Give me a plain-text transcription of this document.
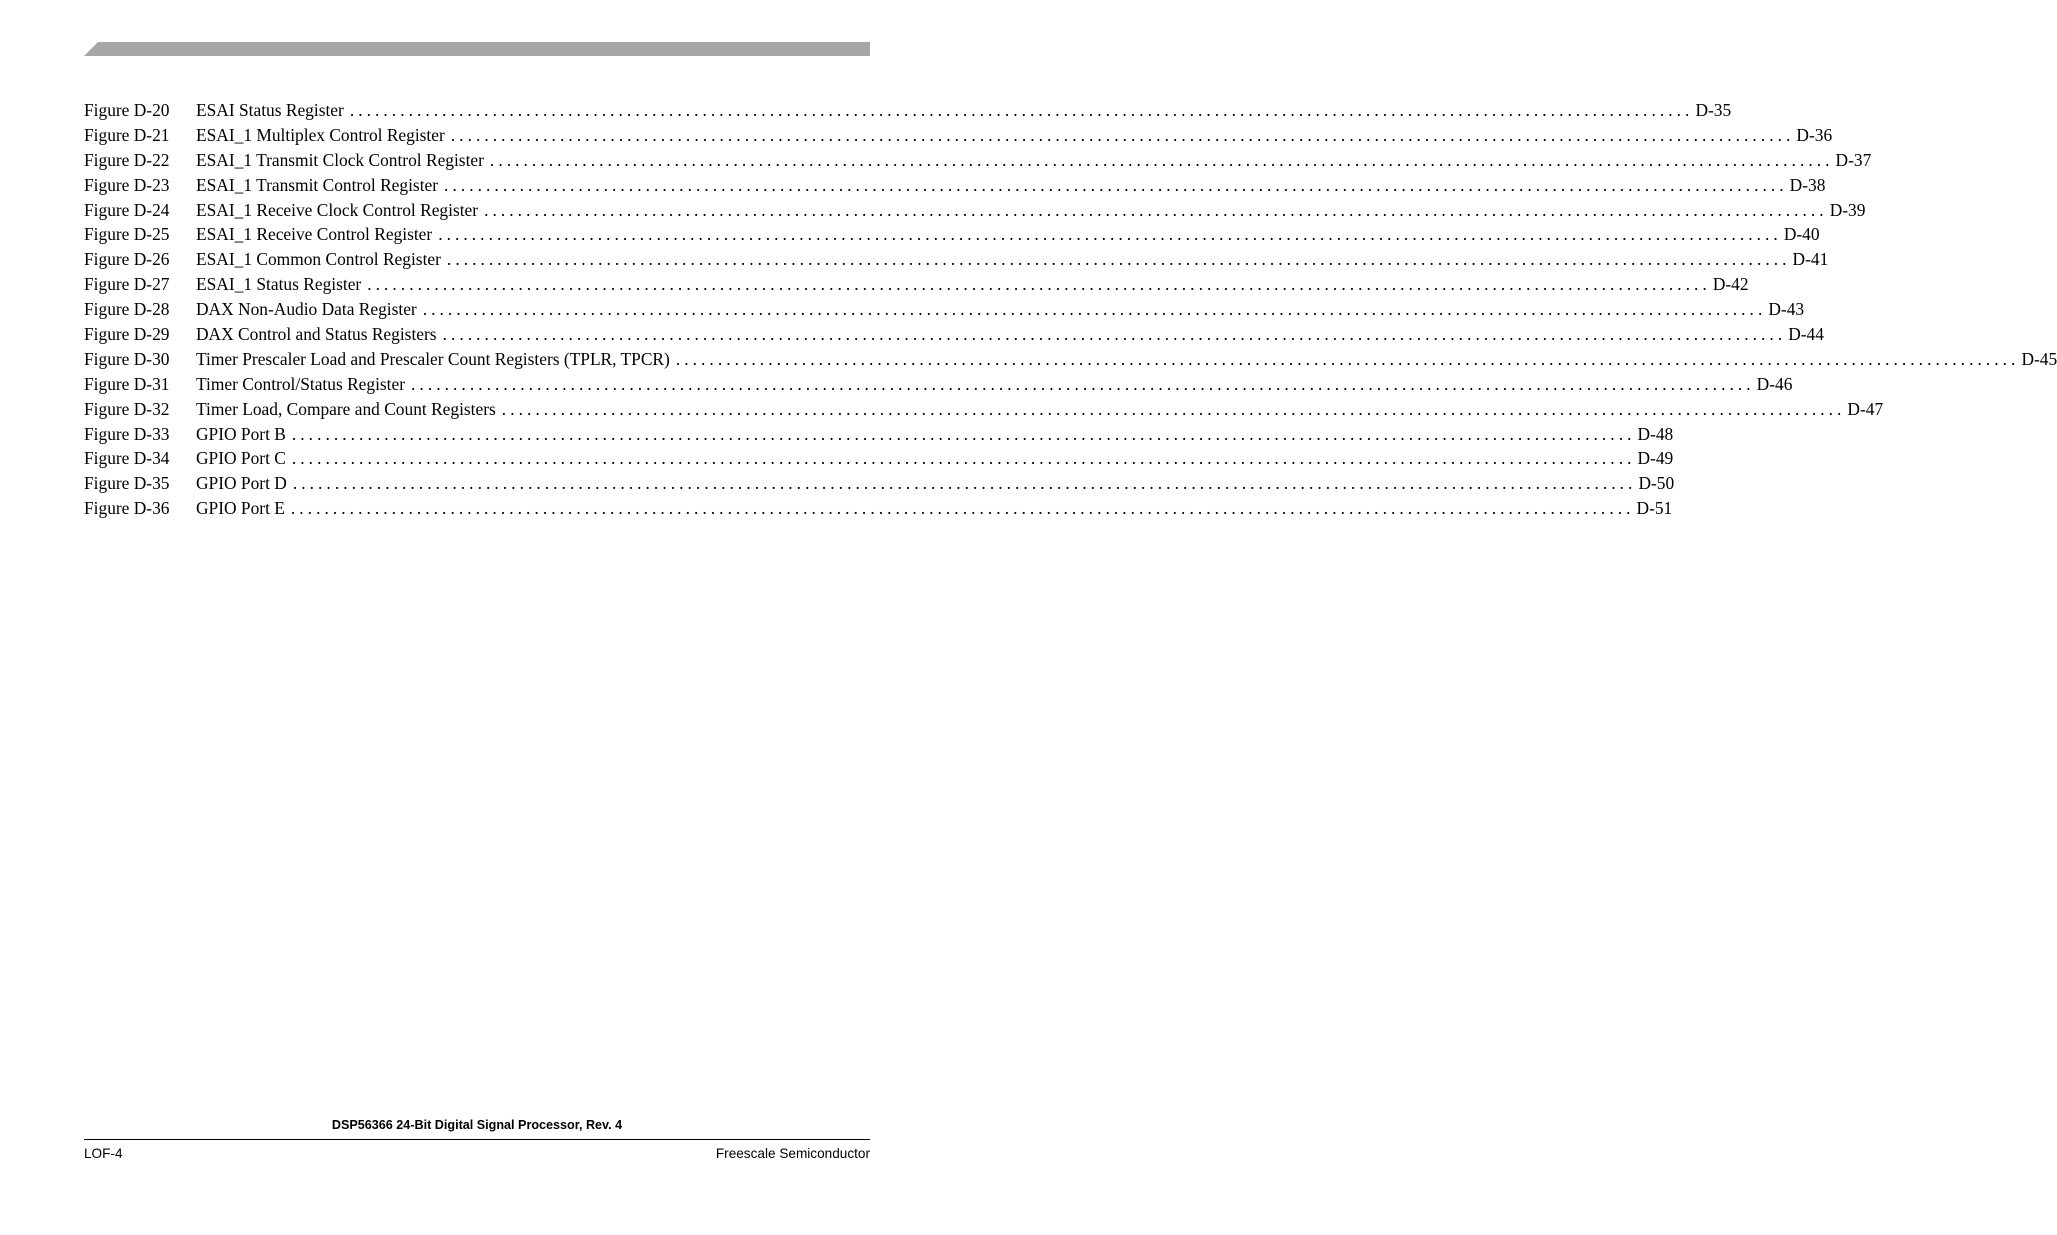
Figure D-20	ESAI Status Register ................................................................................................................................................................ D-35
Figure D-21	ESAI_1 Multiplex Control Register ................................................................................................................................................................ D-36
Figure D-22	ESAI_1 Transmit Clock Control Register ................................................................................................................................................................ D-37
Figure D-23	ESAI_1 Transmit Control Register ................................................................................................................................................................ D-38
Figure D-24	ESAI_1 Receive Clock Control Register ................................................................................................................................................................ D-39
Figure D-25	ESAI_1 Receive Control Register ................................................................................................................................................................ D-40
Figure D-26	ESAI_1 Common Control Register ................................................................................................................................................................ D-41
Figure D-27	ESAI_1 Status Register ................................................................................................................................................................ D-42
Figure D-28	DAX Non-Audio Data Register ................................................................................................................................................................ D-43
Figure D-29	DAX Control and Status Registers ................................................................................................................................................................ D-44
Figure D-30	Timer Prescaler Load and Prescaler Count Registers (TPLR, TPCR) ................................................................................................................................................................ D-45
Figure D-31	Timer Control/Status Register ................................................................................................................................................................ D-46
Figure D-32	Timer Load, Compare and Count Registers ................................................................................................................................................................ D-47
Figure D-33	GPIO Port B ................................................................................................................................................................ D-48
Figure D-34	GPIO Port C ................................................................................................................................................................ D-49
Figure D-35	GPIO Port D ................................................................................................................................................................ D-50
Figure D-36	GPIO Port E ................................................................................................................................................................ D-51
DSP56366 24-Bit Digital Signal Processor, Rev. 4
LOF-4	Freescale Semiconductor
